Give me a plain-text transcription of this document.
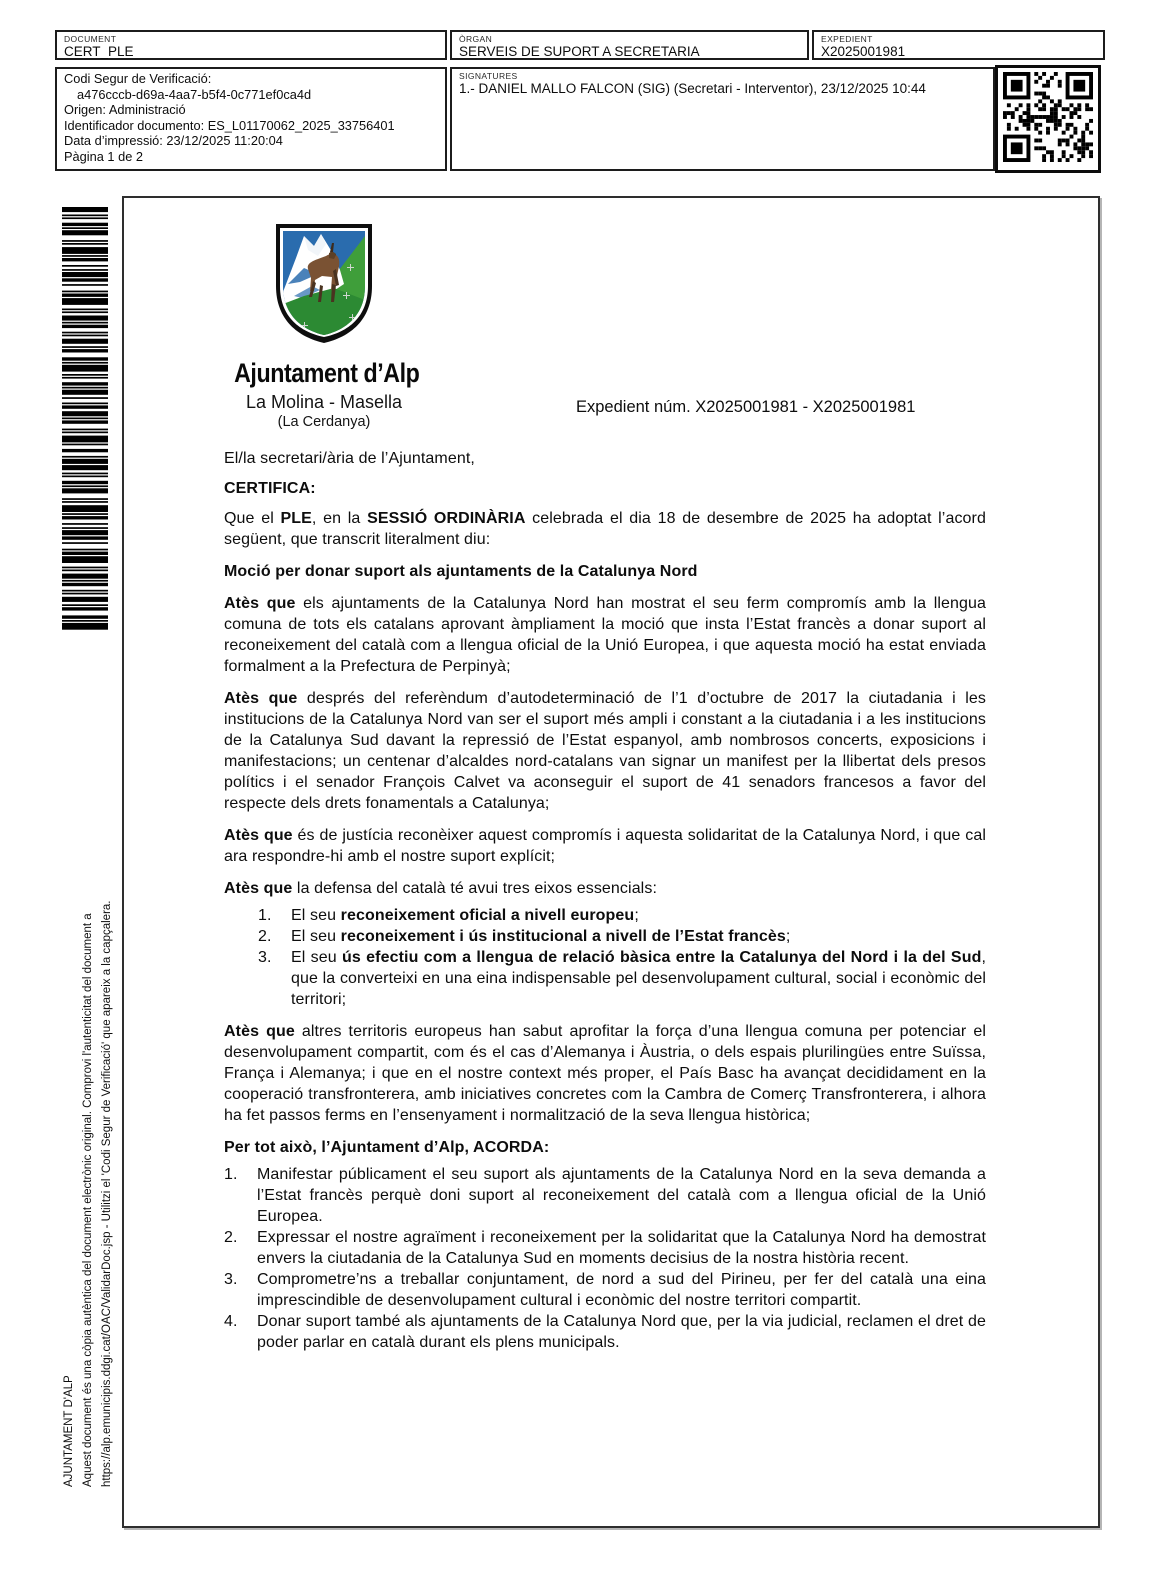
DOCUMENT
CERT_PLE
ÒRGAN
SERVEIS DE SUPORT A SECRETARIA
EXPEDIENT
X2025001981
Codi Segur de Verificació:
a476cccb-d69a-4aa7-b5f4-0c771ef0ca4d
Origen: Administració
Identificador documento: ES_L01170062_2025_33756401
Data d’impressió: 23/12/2025 11:20:04
Pàgina 1 de 2
SIGNATURES
1.- DANIEL MALLO FALCON (SIG) (Secretari - Interventor), 23/12/2025 10:44
AJUNTAMENT D'ALP Aquest document és una còpia autèntica del document electrònic original. Comprovi l'autenticitat del document a https://alp.emunicipis.ddgi.cat/OAC/ValidarDoc.jsp - Utilitzi el 'Codi Segur de Verificació' que apareix a la capçalera.
Ajuntament d’Alp
La Molina - Masella
(La Cerdanya)
Expedient núm. X2025001981 - X2025001981

El/la secretari/ària de l’Ajuntament,

CERTIFICA:

Que el PLE, en la SESSIÓ ORDINÀRIA celebrada el dia 18 de desembre de 2025 ha adoptat l’acord següent, que transcrit literalment diu:

Moció per donar suport als ajuntaments de la Catalunya Nord

Atès que els ajuntaments de la Catalunya Nord han mostrat el seu ferm compromís amb la llengua comuna de tots els catalans aprovant àmpliament la moció que insta l’Estat francès a donar suport al reconeixement del català com a llengua oficial de la Unió Europea, i que aquesta moció ha estat enviada formalment a la Prefectura de Perpinyà;

Atès que després del referèndum d’autodeterminació de l’1 d’octubre de 2017 la ciutadania i les institucions de la Catalunya Nord van ser el suport més ampli i constant a la ciutadania i a les institucions de la Catalunya Sud davant la repressió de l’Estat espanyol, amb nombrosos concerts, exposicions i manifestacions; un centenar d’alcaldes nord-catalans van signar un manifest per la llibertat dels presos polítics i el senador François Calvet va aconseguir el suport de 41 senadors francesos a favor del respecte dels drets fonamentals a Catalunya;

Atès que és de justícia reconèixer aquest compromís i aquesta solidaritat de la Catalunya Nord, i que cal ara respondre-hi amb el nostre suport explícit;

Atès que la defensa del català té avui tres eixos essencials:

1.	El seu reconeixement oficial a nivell europeu;
2.	El seu reconeixement i ús institucional a nivell de l’Estat francès;
3.	El seu ús efectiu com a llengua de relació bàsica entre la Catalunya del Nord i la del Sud, que la converteixi en una eina indispensable pel desenvolupament cultural, social i econòmic del territori;

Atès que altres territoris europeus han sabut aprofitar la força d’una llengua comuna per potenciar el desenvolupament compartit, com és el cas d’Alemanya i Àustria, o dels espais plurilingües entre Suïssa, França i Alemanya; i que en el nostre context més proper, el País Basc ha avançat decididament en la cooperació transfronterera, amb iniciatives concretes com la Cambra de Comerç Transfronterera, i alhora ha fet passos ferms en l’ensenyament i normalització de la seva llengua històrica;

Per tot això, l’Ajuntament d’Alp, ACORDA:

1.	Manifestar públicament el seu suport als ajuntaments de la Catalunya Nord en la seva demanda a l’Estat francès perquè doni suport al reconeixement del català com a llengua oficial de la Unió Europea.
2.	Expressar el nostre agraïment i reconeixement per la solidaritat que la Catalunya Nord ha demostrat envers la ciutadania de la Catalunya Sud en moments decisius de la nostra història recent.
3.	Comprometre’ns a treballar conjuntament, de nord a sud del Pirineu, per fer del català una eina imprescindible de desenvolupament cultural i econòmic del nostre territori compartit.
4.	Donar suport també als ajuntaments de la Catalunya Nord que, per la via judicial, reclamen el dret de poder parlar en català durant els plens municipals.
